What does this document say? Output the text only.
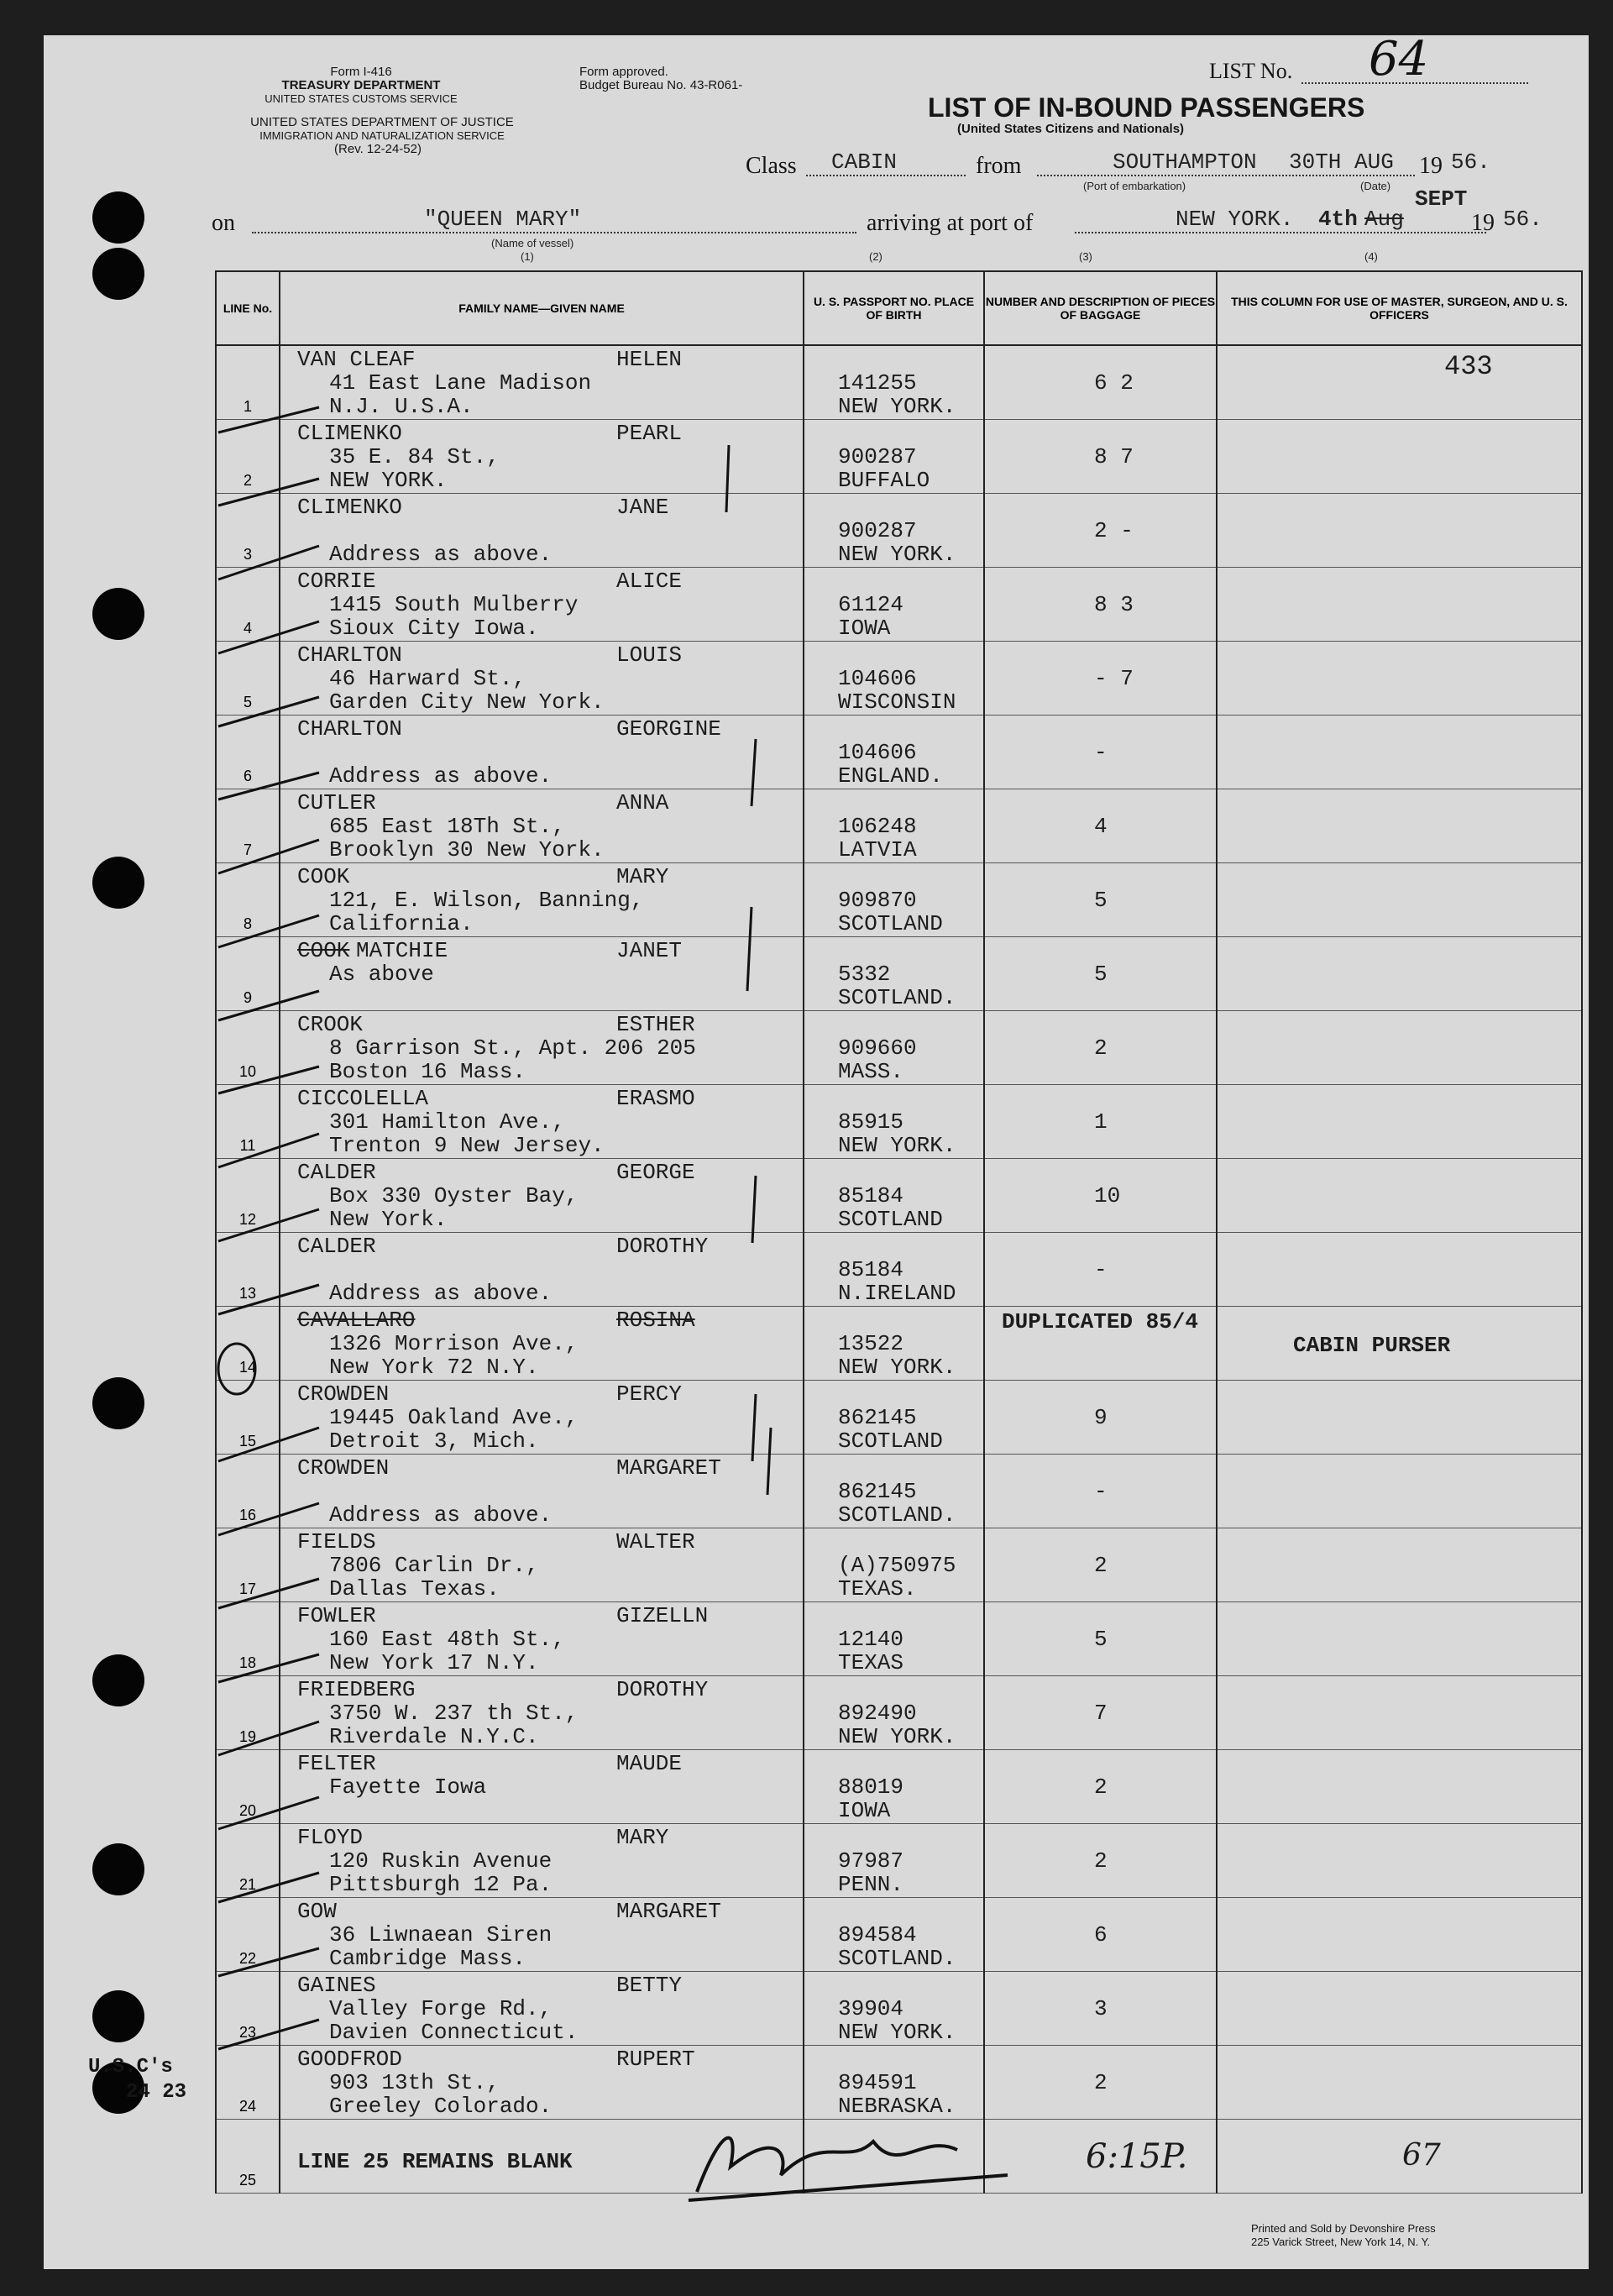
Form I-416
TREASURY DEPARTMENT
UNITED STATES CUSTOMS SERVICE
UNITED STATES DEPARTMENT OF JUSTICE
IMMIGRATION AND NATURALIZATION SERVICE
(Rev. 12-24-52)
Form approved.
Budget Bureau No. 43-R061-
LIST No. 64
LIST OF IN-BOUND PASSENGERS
(United States Citizens and Nationals)
Class CABIN	from	SOUTHAMPTON 30TH AUG 19 56.
(Port of embarkation)	(Date)
on	"QUEEN MARY"
(Name of vessel)
(1)
arriving at port of	NEW YORK. 4th Aug
SEPT
19 56.
(2)	(3)	(4)
LINE No.	FAMILY NAME—GIVEN NAME	U. S. PASSPORT NO. PLACE OF BIRTH	NUMBER AND DESCRIPTION OF PIECES OF BAGGAGE	THIS COLUMN FOR USE OF MASTER, SURGEON, AND U. S. OFFICERS

1	VAN CLEAF HELEN
41 East Lane Madison
N.J. U.S.A.	141255
NEW YORK.	6 2	433

2	CLIMENKO PEARL
35 E. 84 St.,
NEW YORK.	900287
BUFFALO	8 7	

3	CLIMENKO JANE
Address as above.	900287
NEW YORK.	2 -	

4	CORRIE ALICE
1415 South Mulberry
Sioux City Iowa.	61124
IOWA	8 3	

5	CHARLTON LOUIS
46 Harward St.,
Garden City New York.	104606
WISCONSIN	- 7	

6	CHARLTON GEORGINE
Address as above.	104606
ENGLAND.	-	

7	CUTLER ANNA
685 East 18Th St.,
Brooklyn 30 New York.	106248
LATVIA	4	

8	COOK MARY
121, E. Wilson, Banning,
California.	909870
SCOTLAND	5	

9	COOK MATCHIE JANET
As above	5332
SCOTLAND.	5	

10	CROOK ESTHER
8 Garrison St., Apt. 206 205
Boston 16 Mass.	909660
MASS.	2	

11	CICCOLELLA ERASMO
301 Hamilton Ave.,
Trenton 9 New Jersey.	85915
NEW YORK.	1	

12	CALDER GEORGE
Box 330 Oyster Bay,
New York.	85184
SCOTLAND	10	

13	CALDER DOROTHY
Address as above.	85184
N.IRELAND	-	

14	CAVALLARO ROSINA
1326 Morrison Ave.,
New York 72 N.Y.	13522
NEW YORK.	DUPLICATED 85/4	CABIN PURSER

15	CROWDEN PERCY
19445 Oakland Ave.,
Detroit 3, Mich.	862145
SCOTLAND	9	

16	CROWDEN MARGARET
Address as above.	862145
SCOTLAND.	-	

17	FIELDS WALTER
7806 Carlin Dr.,
Dallas Texas.	(A)750975
TEXAS.	2	

18	FOWLER GIZELLN
160 East 48th St.,
New York 17 N.Y.	12140
TEXAS	5	

19	FRIEDBERG DOROTHY
3750 W. 237 th St.,
Riverdale N.Y.C.	892490
NEW YORK.	7	

20	FELTER MAUDE
Fayette Iowa	88019
IOWA	2	

21	FLOYD MARY
120 Ruskin Avenue
Pittsburgh 12 Pa.	97987
PENN.	2	

22	GOW MARGARET
36 Liwnaean Siren
Cambridge Mass.	894584
SCOTLAND.	6	

23	GAINES BETTY
Valley Forge Rd.,
Davien Connecticut.	39904
NEW YORK.	3	

24	GOODFROD RUPERT
903 13th St.,
Greeley Colorado.	894591
NEBRASKA.	2	

25	LINE 25 REMAINS BLANK		6:15P.	67
U.S.C's
24 23
Printed and Sold by Devonshire Press
225 Varick Street, New York 14, N. Y.
